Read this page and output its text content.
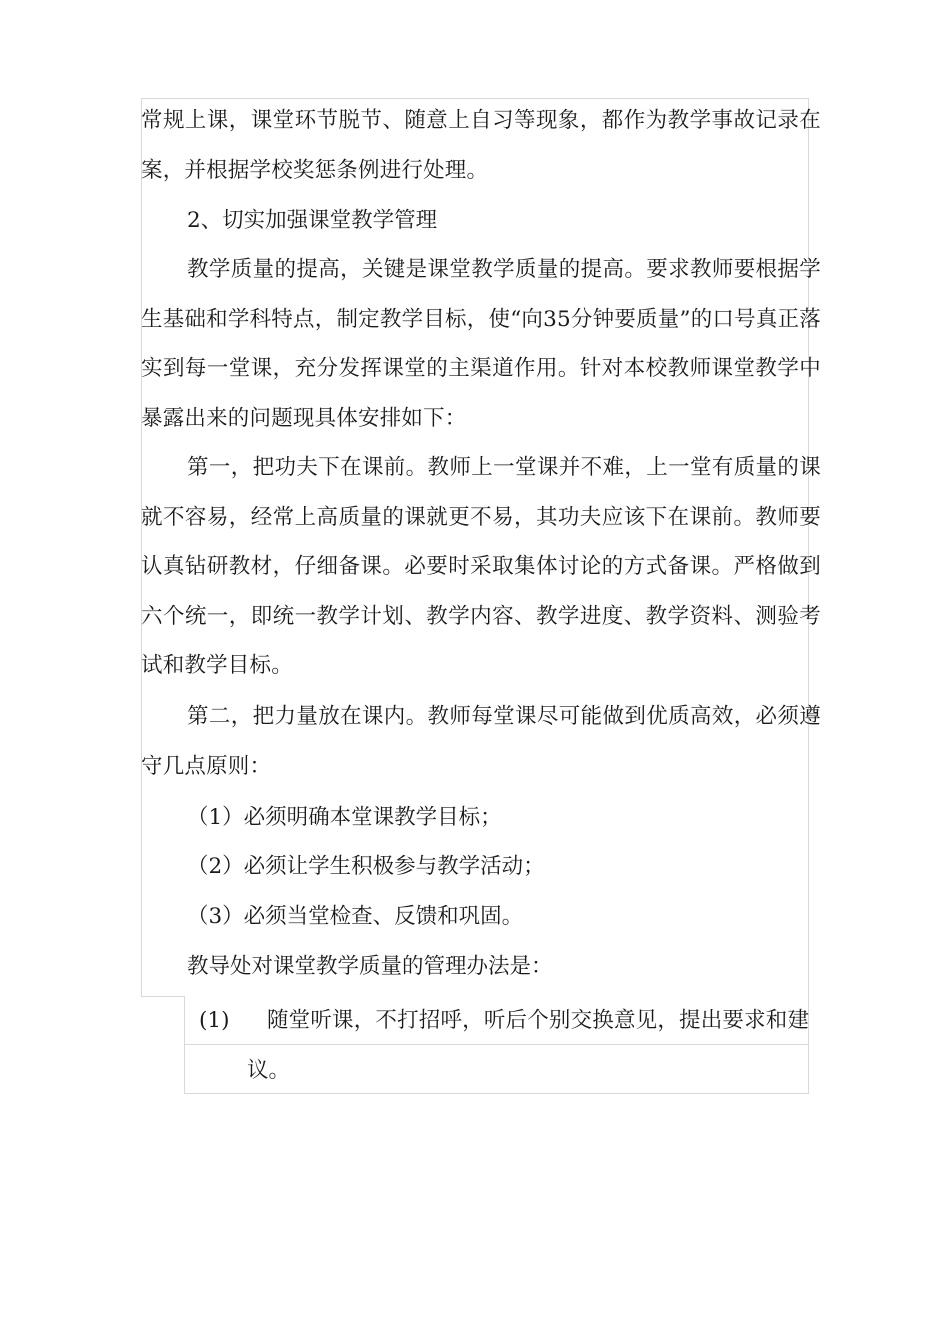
常规上课，课堂环节脱节、随意上自习等现象，都作为教学事故记录在案，并根据学校奖惩条例进行处理。

2、切实加强课堂教学管理

教学质量的提高，关键是课堂教学质量的提高。要求教师要根据学生基础和学科特点，制定教学目标，使“向35分钟要质量”的口号真正落实到每一堂课，充分发挥课堂的主渠道作用。针对本校教师课堂教学中暴露出来的问题现具体安排如下：

第一，把功夫下在课前。教师上一堂课并不难，上一堂有质量的课就不容易，经常上高质量的课就更不易，其功夫应该下在课前。教师要认真钻研教材，仔细备课。必要时采取集体讨论的方式备课。严格做到六个统一，即统一教学计划、教学内容、教学进度、教学资料、测验考试和教学目标。

第二，把力量放在课内。教师每堂课尽可能做到优质高效，必须遵守几点原则：

（1）必须明确本堂课教学目标；

（2）必须让学生积极参与教学活动；

（3）必须当堂检查、反馈和巩固。

教导处对课堂教学质量的管理办法是：

(1)	随堂听课，不打招呼，听后个别交换意见，提出要求和建议。
